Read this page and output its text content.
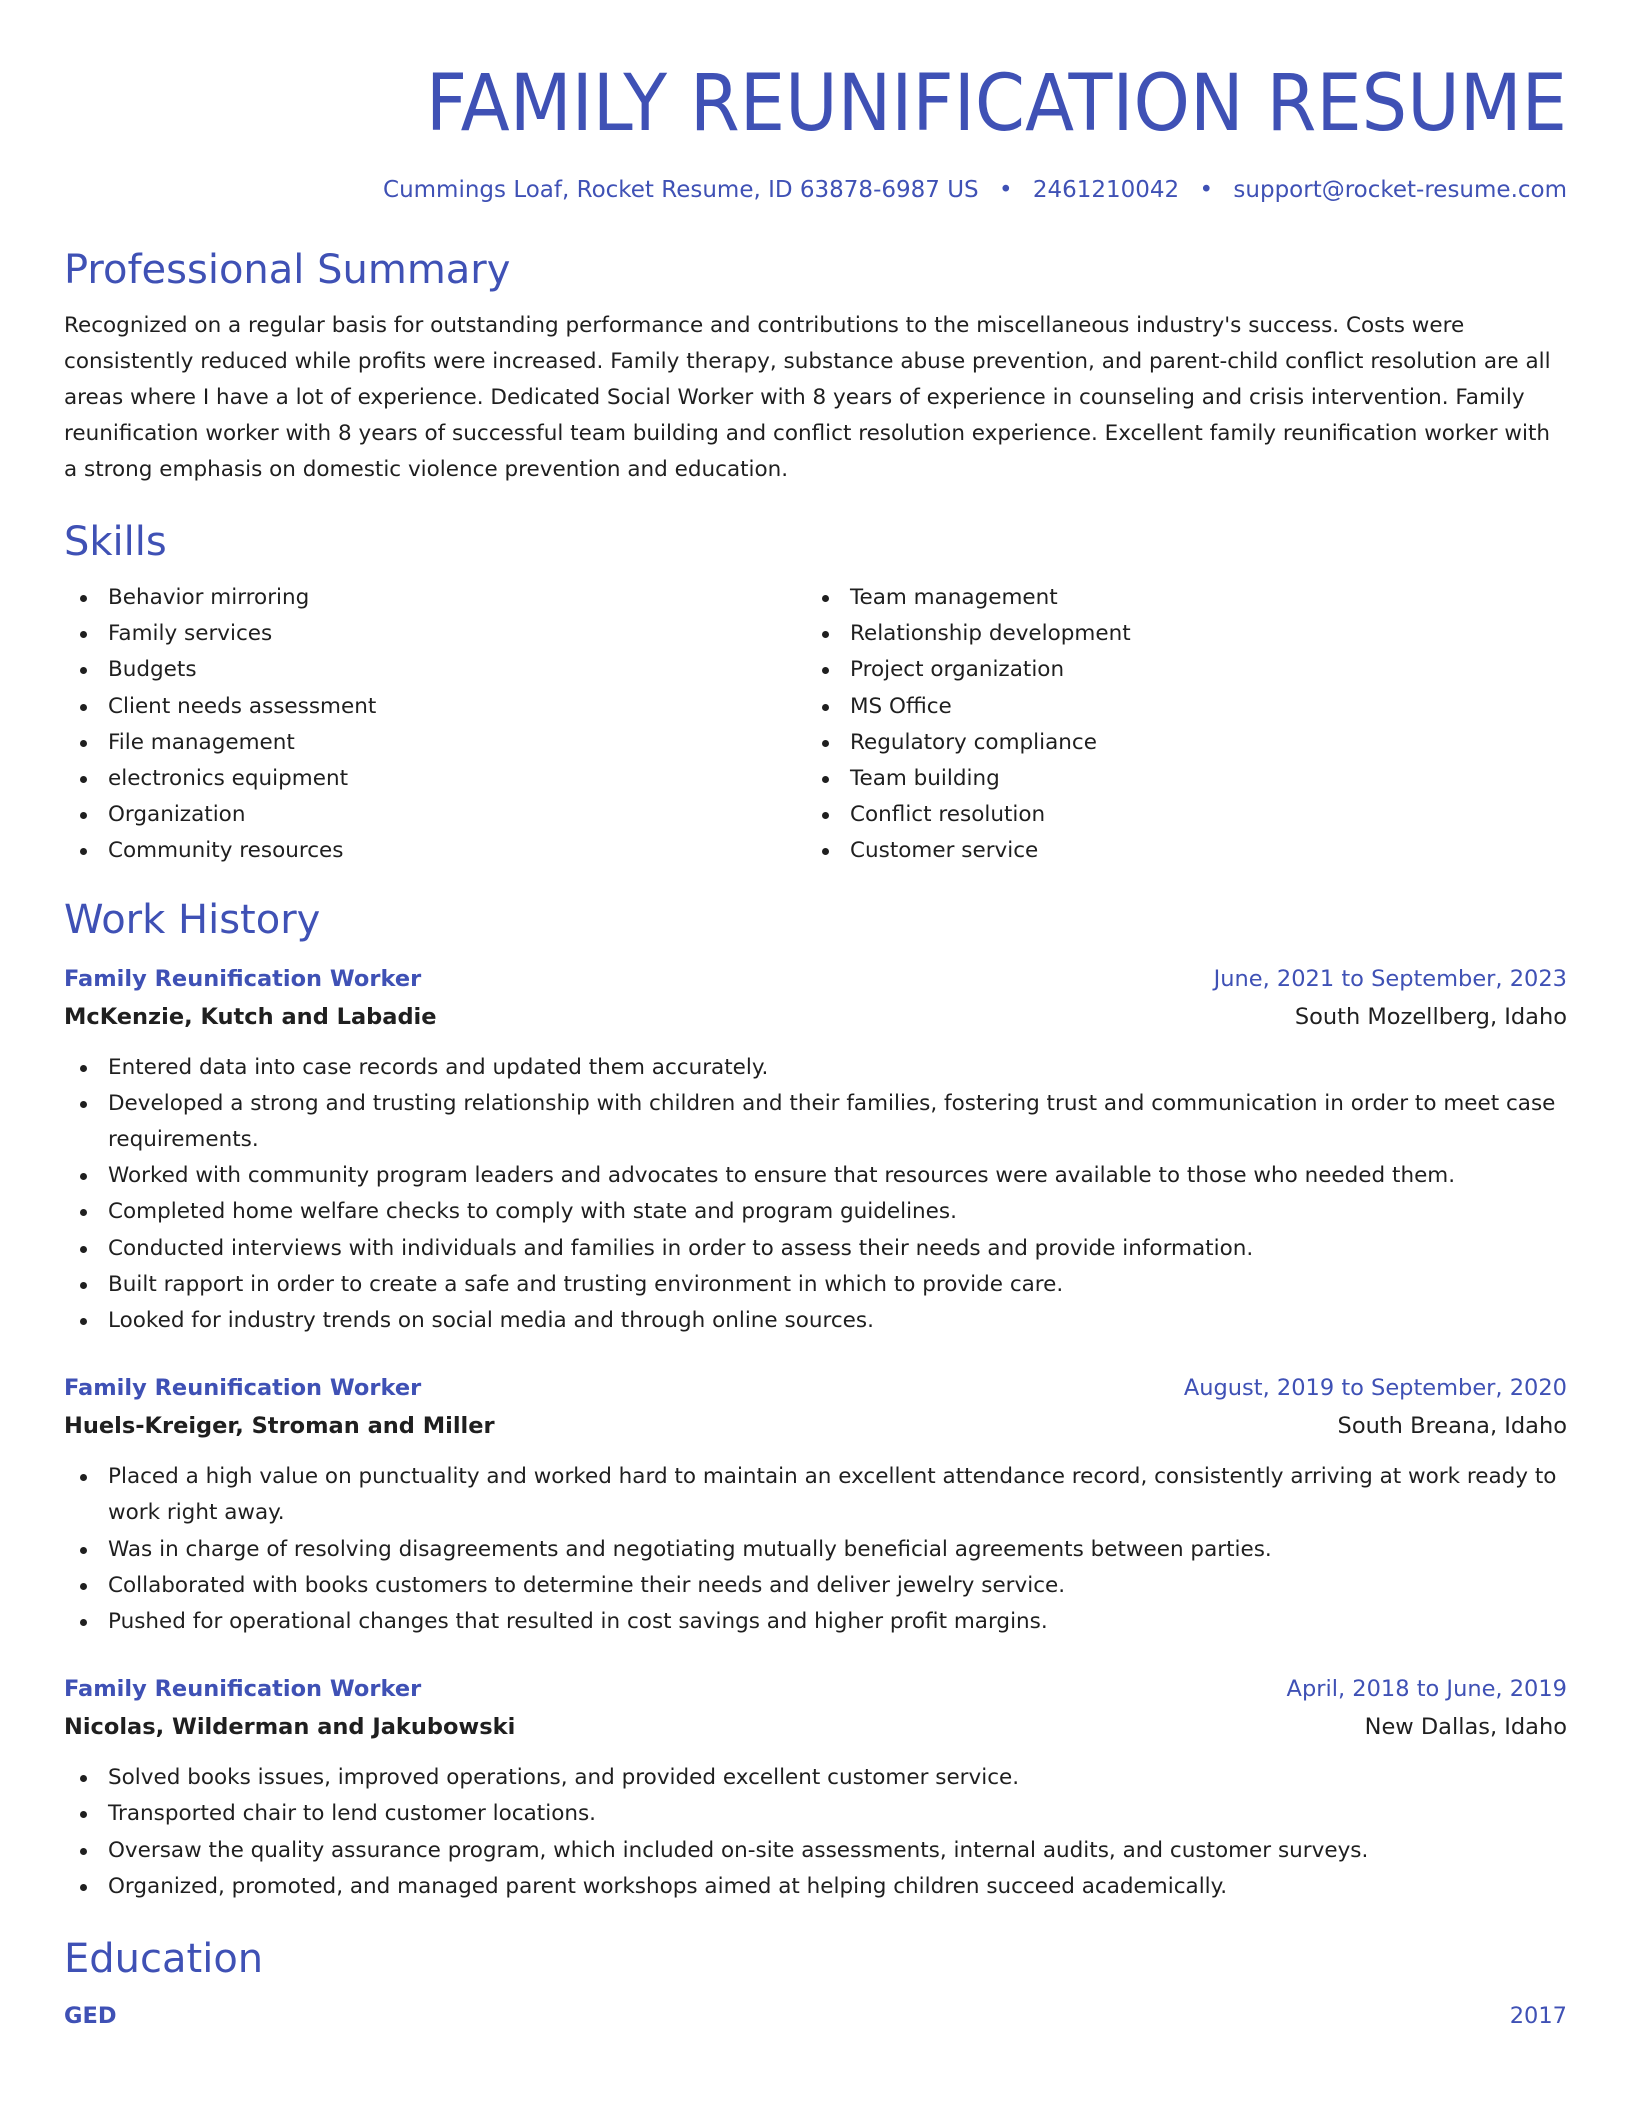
FAMILY REUNIFICATION RESUME
Cummings Loaf, Rocket Resume, ID 63878-6987 US • 2461210042 • support@rocket-resume.com
Professional Summary

Recognized on a regular basis for outstanding performance and contributions to the miscellaneous industry's success. Costs were consistently reduced while profits were increased. Family therapy, substance abuse prevention, and parent-child conflict resolution are all areas where I have a lot of experience. Dedicated Social Worker with 8 years of experience in counseling and crisis intervention. Family reunification worker with 8 years of successful team building and conflict resolution experience. Excellent family reunification worker with a strong emphasis on domestic violence prevention and education.

Skills
Behavior mirroring
Family services
Budgets
Client needs assessment
File management
electronics equipment
Organization
Community resources
Team management
Relationship development
Project organization
MS Office
Regulatory compliance
Team building
Conflict resolution
Customer service
Work History
Family Reunification Worker	June, 2021 to September, 2023
McKenzie, Kutch and Labadie	South Mozellberg, Idaho
Entered data into case records and updated them accurately.
Developed a strong and trusting relationship with children and their families, fostering trust and communication in order to meet case requirements.
Worked with community program leaders and advocates to ensure that resources were available to those who needed them.
Completed home welfare checks to comply with state and program guidelines.
Conducted interviews with individuals and families in order to assess their needs and provide information.
Built rapport in order to create a safe and trusting environment in which to provide care.
Looked for industry trends on social media and through online sources.
Family Reunification Worker	August, 2019 to September, 2020
Huels-Kreiger, Stroman and Miller	South Breana, Idaho
Placed a high value on punctuality and worked hard to maintain an excellent attendance record, consistently arriving at work ready to work right away.
Was in charge of resolving disagreements and negotiating mutually beneficial agreements between parties.
Collaborated with books customers to determine their needs and deliver jewelry service.
Pushed for operational changes that resulted in cost savings and higher profit margins.
Family Reunification Worker	April, 2018 to June, 2019
Nicolas, Wilderman and Jakubowski	New Dallas, Idaho
Solved books issues, improved operations, and provided excellent customer service.
Transported chair to lend customer locations.
Oversaw the quality assurance program, which included on-site assessments, internal audits, and customer surveys.
Organized, promoted, and managed parent workshops aimed at helping children succeed academically.
Education
GED	2017
